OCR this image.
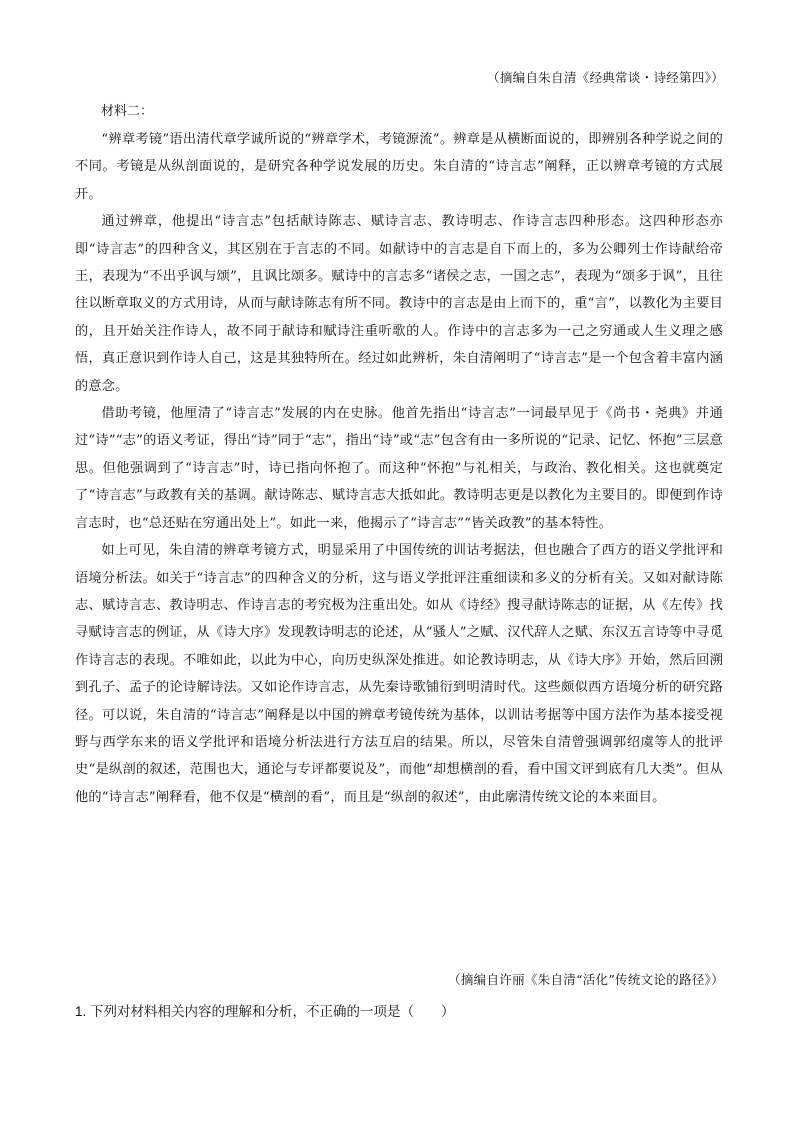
（摘编自朱自清《经典常谈・诗经第四》）
材料二：

“辨章考镜”语出清代章学诚所说的“辨章学术，考镜源流”。辨章是从横断面说的，即辨别各种学说之间的不同。考镜是从纵剖面说的，是研究各种学说发展的历史。朱自清的“诗言志”阐释，正以辨章考镜的方式展开。

通过辨章，他提出“诗言志”包括献诗陈志、赋诗言志、教诗明志、作诗言志四种形态。这四种形态亦即“诗言志”的四种含义，其区别在于言志的不同。如献诗中的言志是自下而上的，多为公卿列士作诗献给帝王，表现为“不出乎讽与颂”，且讽比颂多。赋诗中的言志多“诸侯之志，一国之志”，表现为“颂多于讽”，且往往以断章取义的方式用诗，从而与献诗陈志有所不同。教诗中的言志是由上而下的，重“言”，以教化为主要目的，且开始关注作诗人，故不同于献诗和赋诗注重听歌的人。作诗中的言志多为一己之穷通或人生义理之感悟，真正意识到作诗人自己，这是其独特所在。经过如此辨析，朱自清阐明了“诗言志”是一个包含着丰富内涵的意念。

借助考镜，他厘清了“诗言志”发展的内在史脉。他首先指出“诗言志”一词最早见于《尚书・尧典》并通过“诗”“志”的语义考证，得出“诗”同于“志”，指出“诗”或“志”包含有由一多所说的“记录、记忆、怀抱”三层意思。但他强调到了“诗言志”时，诗已指向怀抱了。而这种“怀抱”与礼相关，与政治、教化相关。这也就奠定了“诗言志”与政教有关的基调。献诗陈志、赋诗言志大抵如此。教诗明志更是以教化为主要目的。即便到作诗言志时，也“总还贴在穷通出处上”。如此一来，他揭示了“诗言志”“皆关政教”的基本特性。

如上可见，朱自清的辨章考镜方式，明显采用了中国传统的训诂考据法，但也融合了西方的语义学批评和语境分析法。如关于“诗言志”的四种含义的分析，这与语义学批评注重细读和多义的分析有关。又如对献诗陈志、赋诗言志、教诗明志、作诗言志的考究极为注重出处。如从《诗经》搜寻献诗陈志的证据，从《左传》找寻赋诗言志的例证，从《诗大序》发现教诗明志的论述，从“骚人”之赋、汉代辞人之赋、东汉五言诗等中寻觅作诗言志的表现。不唯如此，以此为中心，向历史纵深处推进。如论教诗明志，从《诗大序》开始，然后回溯到孔子、孟子的论诗解诗法。又如论作诗言志，从先秦诗歌铺衍到明清时代。这些颇似西方语境分析的研究路径。可以说，朱自清的“诗言志”阐释是以中国的辨章考镜传统为基体，以训诂考据等中国方法作为基本接受视野与西学东来的语义学批评和语境分析法进行方法互启的结果。所以，尽管朱自清曾强调郭绍虞等人的批评史“是纵剖的叙述，范围也大，通论与专评都要说及”，而他“却想横剖的看，看中国文评到底有几大类”。但从他的“诗言志”阐释看，他不仅是“横剖的看”，而且是“纵剖的叙述”，由此廓清传统文论的本来面目。

（摘编自许丽《朱自清“活化”传统文论的路径》）
1. 下列对材料相关内容的理解和分析，不正确的一项是（　　）
